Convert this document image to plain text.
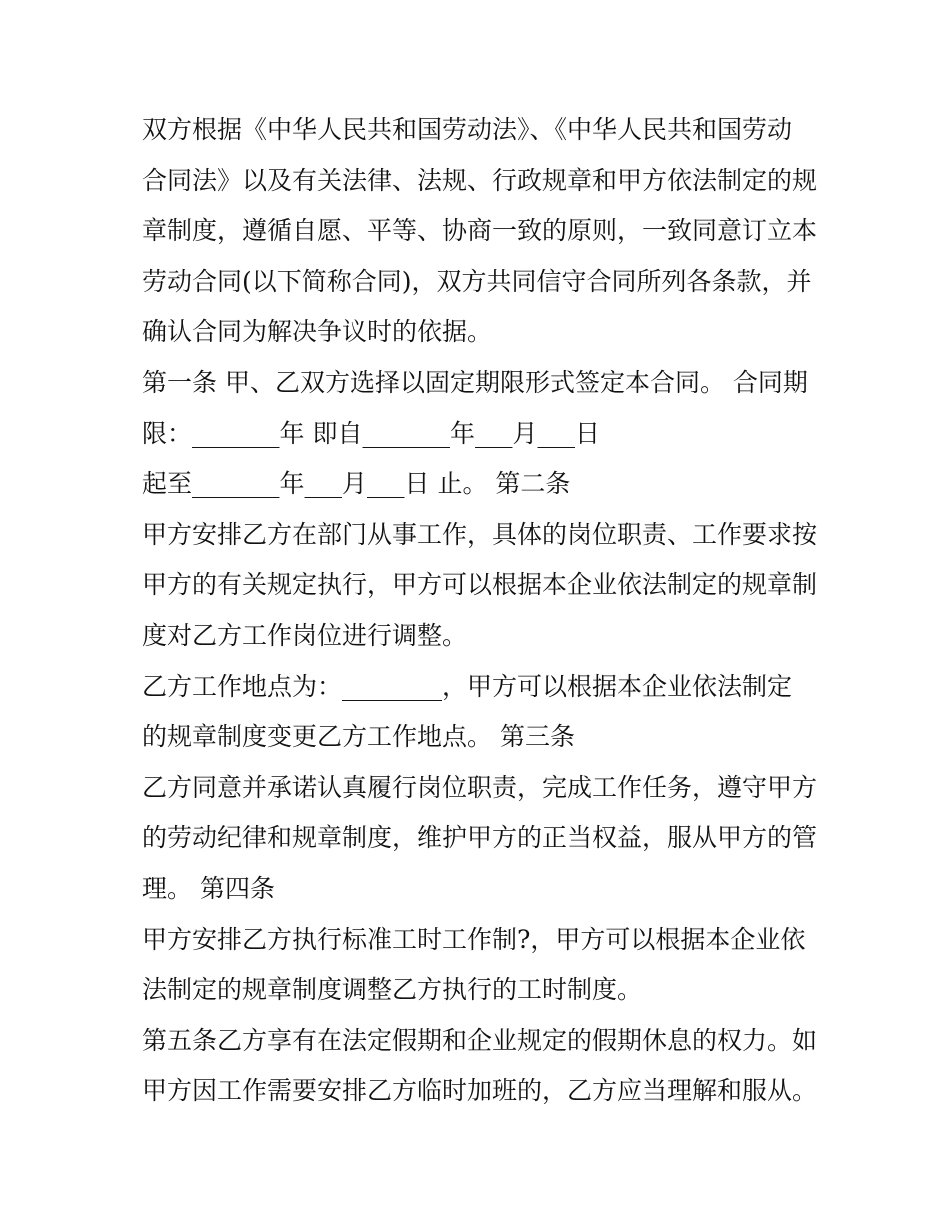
双方根据《中华人民共和国劳动法》、《中华人民共和国劳动
合同法》以及有关法律、法规、行政规章和甲方依法制定的规
章制度，遵循自愿、平等、协商一致的原则，一致同意订立本
劳动合同(以下简称合同)，双方共同信守合同所列各条款，并
确认合同为解决争议时的依据。
第一条 甲、乙双方选择以固定期限形式签定本合同。 合同期
限：_______年 即自_______年___月___日
起至_______年___月___日 止。 第二条
甲方安排乙方在部门从事工作，具体的岗位职责、工作要求按
甲方的有关规定执行，甲方可以根据本企业依法制定的规章制
度对乙方工作岗位进行调整。
乙方工作地点为：________，甲方可以根据本企业依法制定
的规章制度变更乙方工作地点。 第三条
乙方同意并承诺认真履行岗位职责，完成工作任务，遵守甲方
的劳动纪律和规章制度，维护甲方的正当权益，服从甲方的管
理。 第四条
甲方安排乙方执行标准工时工作制?，甲方可以根据本企业依
法制定的规章制度调整乙方执行的工时制度。
第五条乙方享有在法定假期和企业规定的假期休息的权力。如
甲方因工作需要安排乙方临时加班的，乙方应当理解和服从。
